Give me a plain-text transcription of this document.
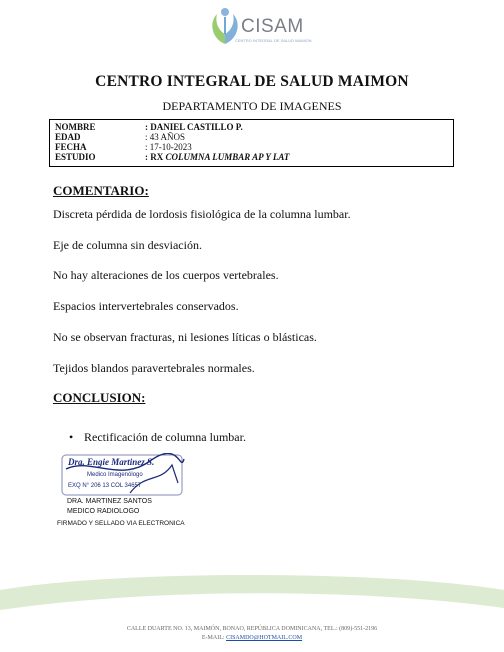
CISAM
CENTRO INTEGRAL DE SALUD MAIMON
CENTRO INTEGRAL DE SALUD MAIMON
DEPARTAMENTO DE IMAGENES
NOMBRE	: DANIEL CASTILLO P.
EDAD	: 43 AÑOS
FECHA	: 17-10-2023
ESTUDIO	: RX COLUMNA LUMBAR AP Y LAT
COMENTARIO:
Discreta pérdida de lordosis fisiológica de la columna lumbar.
Eje de columna sin desviación.
No hay alteraciones de los cuerpos vertebrales.
Espacios intervertebrales conservados.
No se observan fracturas, ni lesiones líticas o blásticas.
Tejidos blandos paravertebrales normales.
CONCLUSION:
• Rectificación de columna lumbar.
Dra. Engie Martinez S.
Medico Imagenólogo
EXQ N° 206 13 COL 34657
DRA. MARTINEZ SANTOS
MEDICO RADIOLOGO
FIRMADO Y SELLADO VIA ELECTRONICA
CALLE DUARTE NO. 13, MAIMÓN, BONAO, REPÚBLICA DOMINICANA, TEL.: (809)-551-2196
E-MAIL: CISAMDO@HOTMAIL.COM
